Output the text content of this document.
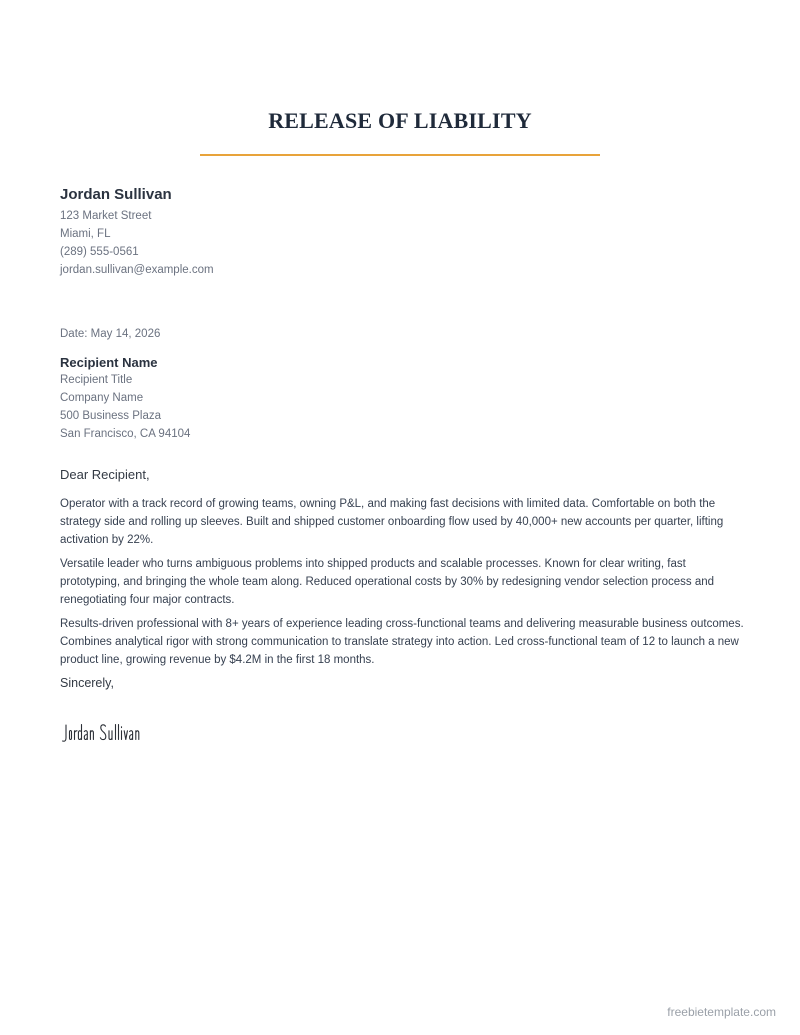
RELEASE OF LIABILITY
Jordan Sullivan
123 Market Street
Miami, FL
(289) 555-0561
jordan.sullivan@example.com
Date: May 14, 2026
Recipient Name
Recipient Title
Company Name
500 Business Plaza
San Francisco, CA 94104
Dear Recipient,

Operator with a track record of growing teams, owning P&L, and making fast decisions with limited data. Comfortable on both the strategy side and rolling up sleeves. Built and shipped customer onboarding flow used by 40,000+ new accounts per quarter, lifting activation by 22%.

Versatile leader who turns ambiguous problems into shipped products and scalable processes. Known for clear writing, fast prototyping, and bringing the whole team along. Reduced operational costs by 30% by redesigning vendor selection process and renegotiating four major contracts.

Results-driven professional with 8+ years of experience leading cross-functional teams and delivering measurable business outcomes. Combines analytical rigor with strong communication to translate strategy into action. Led cross-functional team of 12 to launch a new product line, growing revenue by $4.2M in the first 18 months.

Sincerely,
freebietemplate.com
